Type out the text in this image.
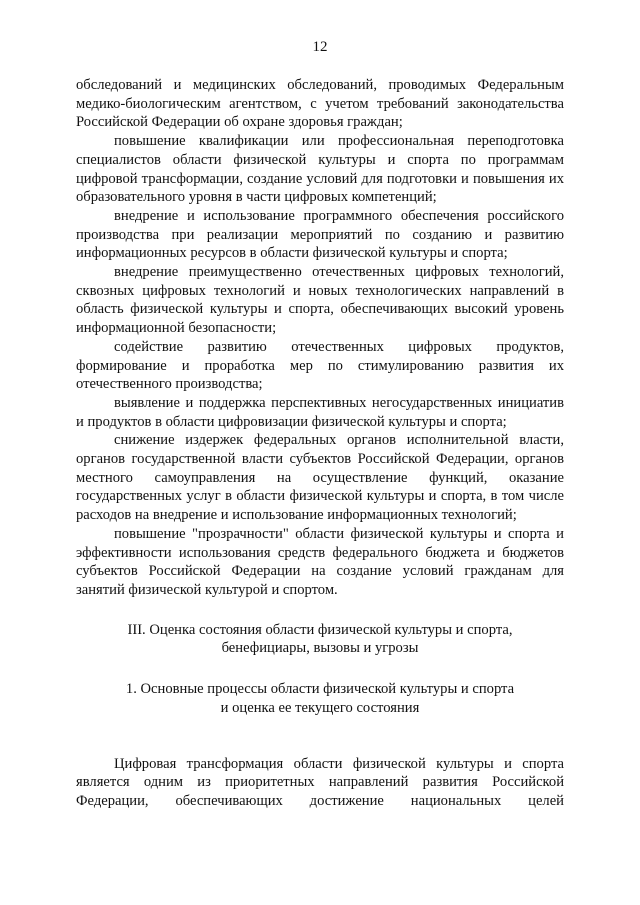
12

обследований и медицинских обследований, проводимых Федеральным медико-биологическим агентством, с учетом требований законодательства Российской Федерации об охране здоровья граждан;

повышение квалификации или профессиональная переподготовка специалистов области физической культуры и спорта по программам цифровой трансформации, создание условий для подготовки и повышения их образовательного уровня в части цифровых компетенций;

внедрение и использование программного обеспечения российского производства при реализации мероприятий по созданию и развитию информационных ресурсов в области физической культуры и спорта;

внедрение преимущественно отечественных цифровых технологий, сквозных цифровых технологий и новых технологических направлений в область физической культуры и спорта, обеспечивающих высокий уровень информационной безопасности;

содействие развитию отечественных цифровых продуктов, формирование и проработка мер по стимулированию развития их отечественного производства;

выявление и поддержка перспективных негосударственных инициатив и продуктов в области цифровизации физической культуры и спорта;

снижение издержек федеральных органов исполнительной власти, органов государственной власти субъектов Российской Федерации, органов местного самоуправления на осуществление функций, оказание государственных услуг в области физической культуры и спорта, в том числе расходов на внедрение и использование информационных технологий;

повышение "прозрачности" области физической культуры и спорта и эффективности использования средств федерального бюджета и бюджетов субъектов Российской Федерации на создание условий гражданам для занятий физической культурой и спортом.

III. Оценка состояния области физической культуры и спорта,
бенефициары, вызовы и угрозы

1. Основные процессы области физической культуры и спорта
и оценка ее текущего состояния

Цифровая трансформация области физической культуры и спорта является одним из приоритетных направлений развития Российской Федерации, обеспечивающих достижение национальных целей
